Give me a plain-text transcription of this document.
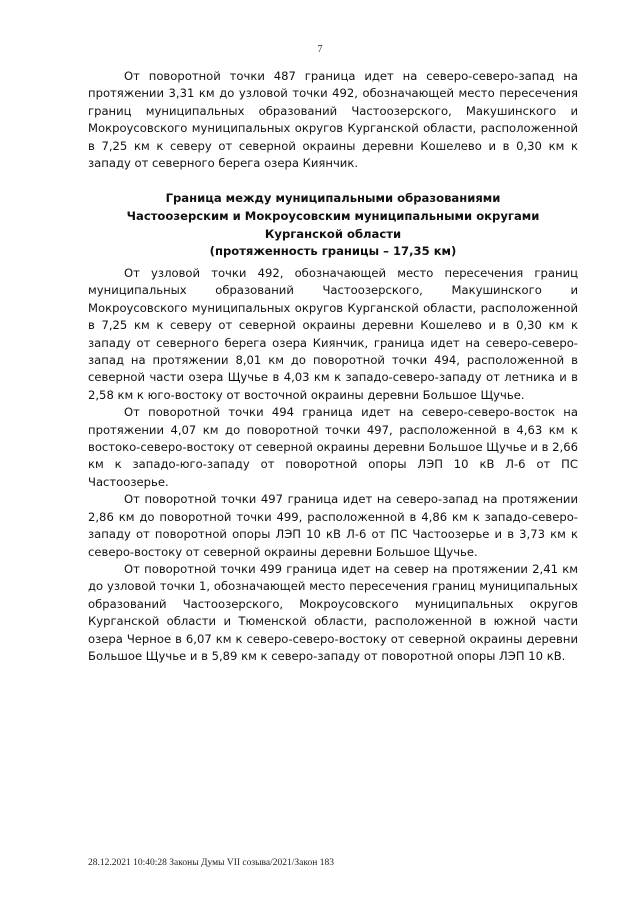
7

От поворотной точки 487 граница идет на северо-северо-запад на протяжении 3,31 км до узловой точки 492, обозначающей место пересечения границ муниципальных образований Частоозерского, Макушинского и Мокроусовского муниципальных округов Курганской области, расположенной в 7,25 км к северу от северной окраины деревни Кошелево и в 0,30 км к западу от северного берега озера Киянчик.

Граница между муниципальными образованиями
Частоозерским и Мокроусовским муниципальными округами
Курганской области
(протяженность границы – 17,35 км)

От узловой точки 492, обозначающей место пересечения границ муниципальных образований Частоозерского, Макушинского и Мокроусовского муниципальных округов Курганской области, расположенной в 7,25 км к северу от северной окраины деревни Кошелево и в 0,30 км к западу от северного берега озера Киянчик, граница идет на северо-северо-запад на протяжении 8,01 км до поворотной точки 494, расположенной в северной части озера Щучье в 4,03 км к западо-северо-западу от летника и в 2,58 км к юго-востоку от восточной окраины деревни Большое Щучье.

От поворотной точки 494 граница идет на северо-северо-восток на протяжении 4,07 км до поворотной точки 497, расположенной в 4,63 км к востоко-северо-востоку от северной окраины деревни Большое Щучье и в 2,66 км к западо-юго-западу от поворотной опоры ЛЭП 10 кВ Л-6 от ПС Частоозерье.

От поворотной точки 497 граница идет на северо-запад на протяжении 2,86 км до поворотной точки 499, расположенной в 4,86 км к западо-северо-западу от поворотной опоры ЛЭП 10 кВ Л-6 от ПС Частоозерье и в 3,73 км к северо-востоку от северной окраины деревни Большое Щучье.

От поворотной точки 499 граница идет на север на протяжении 2,41 км до узловой точки 1, обозначающей место пересечения границ муниципальных образований Частоозерского, Мокроусовского муниципальных округов Курганской области и Тюменской области, расположенной в южной части озера Черное в 6,07 км к северо-северо-востоку от северной окраины деревни Большое Щучье и в 5,89 км к северо-западу от поворотной опоры ЛЭП 10 кВ.

28.12.2021 10:40:28 Законы Думы VII созыва/2021/Закон 183
